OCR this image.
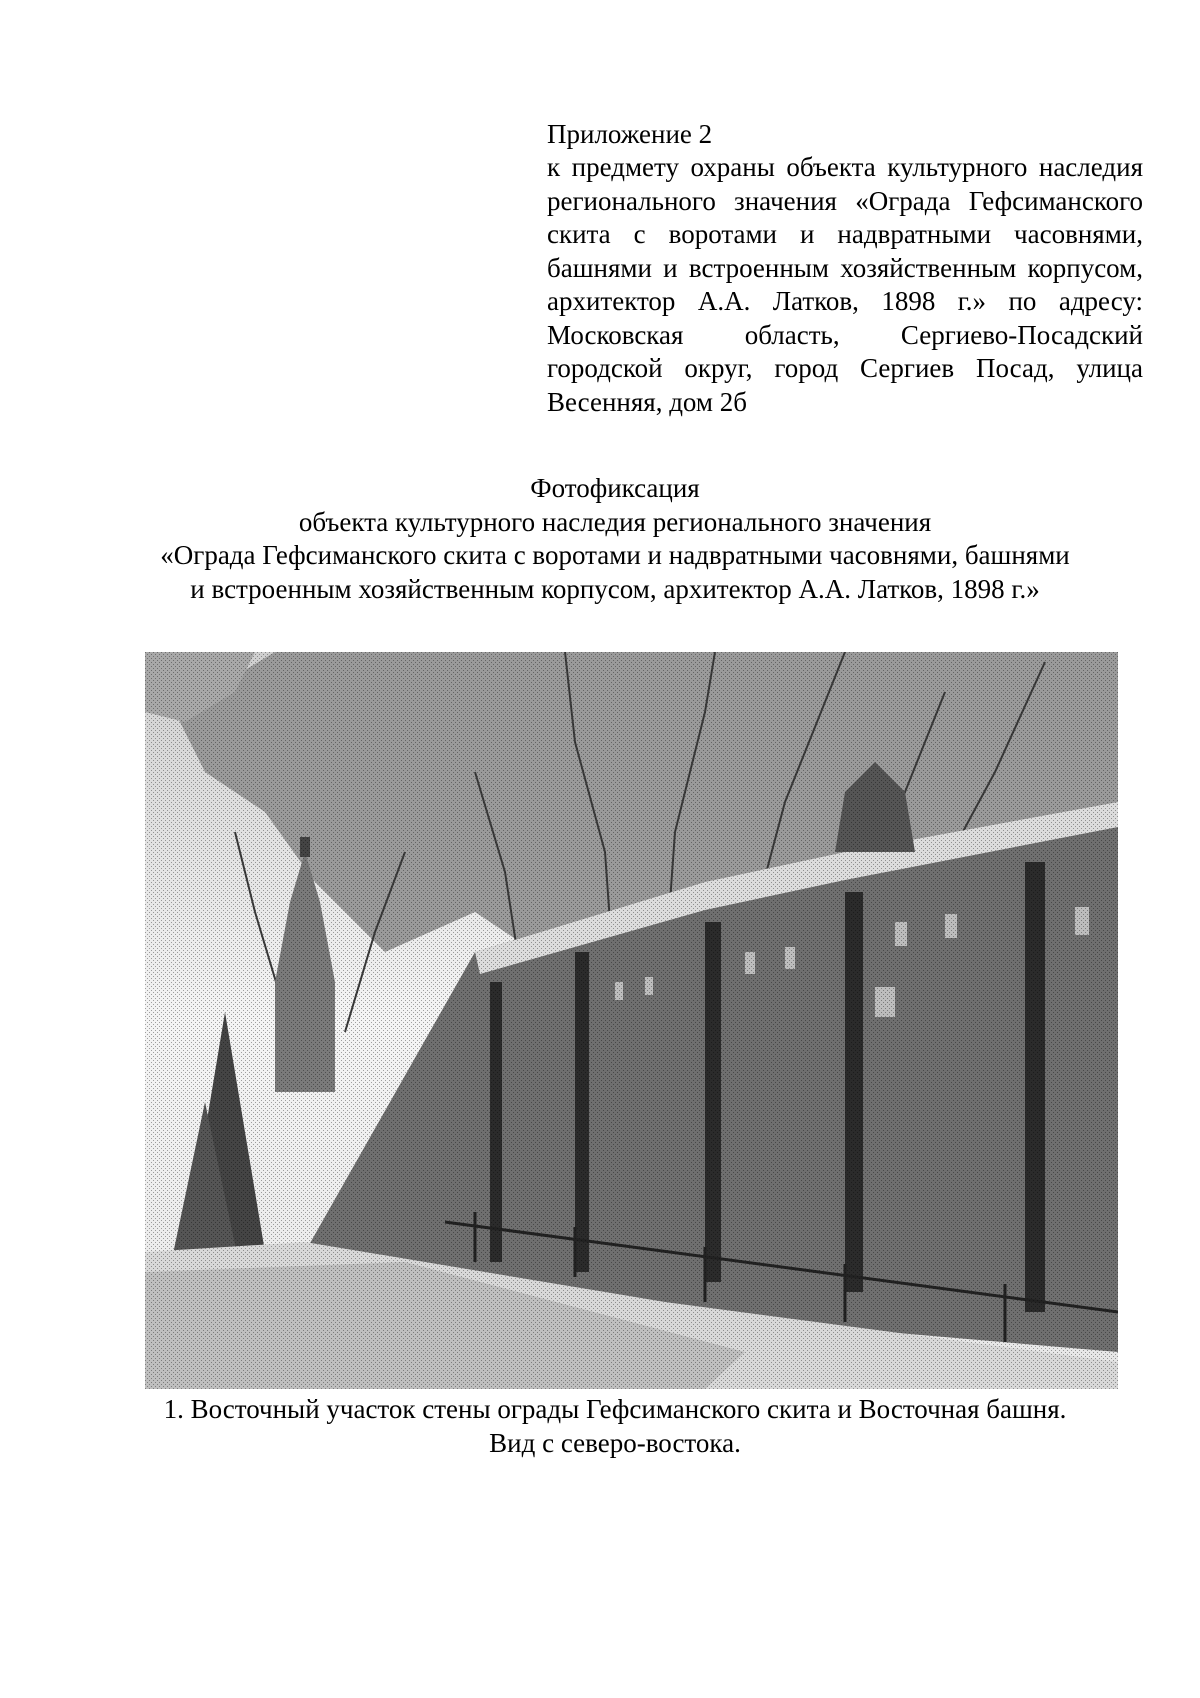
Приложение 2

к предмету охраны объекта культурного наследия регионального значения «Ограда Гефсиманского скита с воротами и надвратными часовнями, башнями и встроенным хозяйственным корпусом, архитектор А.А. Латков, 1898 г.» по адресу: Московская область, Сергиево-Посадский городской округ, город Сергиев Посад, улица Весенняя, дом 2б

Фотофиксация
объекта культурного наследия регионального значения
«Ограда Гефсиманского скита с воротами и надвратными часовнями, башнями
и встроенным хозяйственным корпусом, архитектор А.А. Латков, 1898 г.»
1. Восточный участок стены ограды Гефсиманского скита и Восточная башня.
Вид с северо-востока.
